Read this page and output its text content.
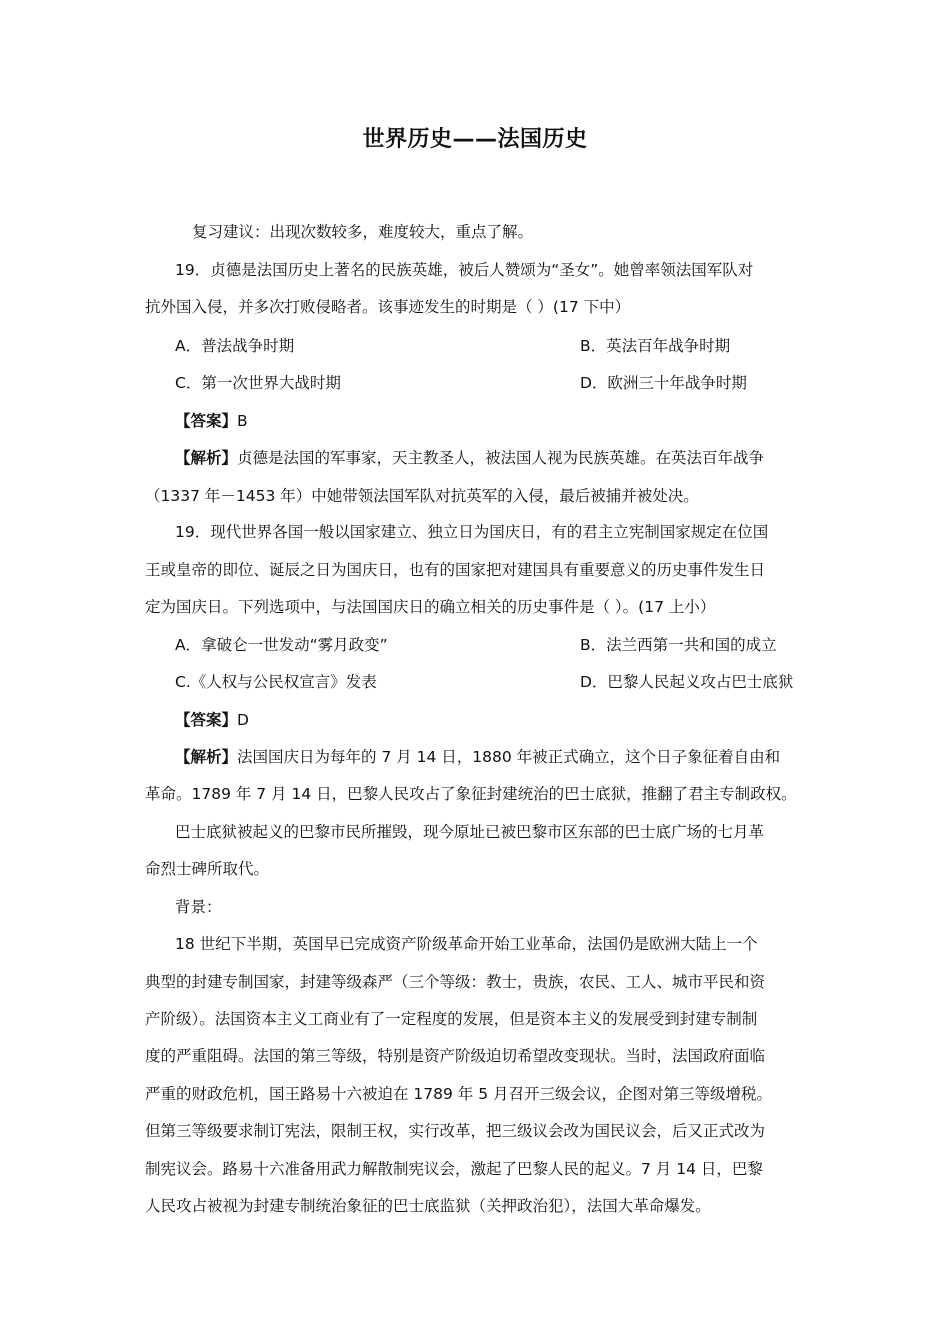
世界历史——法国历史
复习建议：出现次数较多，难度较大，重点了解。
19．贞德是法国历史上著名的民族英雄，被后人赞颂为“圣女”。她曾率领法国军队对
抗外国入侵，并多次打败侵略者。该事迹发生的时期是（ ）(17 下中）
A．普法战争时期	B．英法百年战争时期
C．第一次世界大战时期	D．欧洲三十年战争时期
【答案】B
【解析】贞德是法国的军事家，天主教圣人，被法国人视为民族英雄。在英法百年战争
（1337 年－1453 年）中她带领法国军队对抗英军的入侵，最后被捕并被处决。
19．现代世界各国一般以国家建立、独立日为国庆日，有的君主立宪制国家规定在位国
王或皇帝的即位、诞辰之日为国庆日，也有的国家把对建国具有重要意义的历史事件发生日
定为国庆日。下列选项中，与法国国庆日的确立相关的历史事件是（ ）。(17 上小）
A．拿破仑一世发动“雾月政变”	B．法兰西第一共和国的成立
C.《人权与公民权宣言》发表	D．巴黎人民起义攻占巴士底狱
【答案】D
【解析】法国国庆日为每年的 7 月 14 日，1880 年被正式确立，这个日子象征着自由和
革命。1789 年 7 月 14 日，巴黎人民攻占了象征封建统治的巴士底狱，推翻了君主专制政权。
巴士底狱被起义的巴黎市民所摧毁，现今原址已被巴黎市区东部的巴士底广场的七月革
命烈士碑所取代。
背景：
18 世纪下半期，英国早已完成资产阶级革命开始工业革命，法国仍是欧洲大陆上一个
典型的封建专制国家，封建等级森严（三个等级：教士，贵族，农民、工人、城市平民和资
产阶级）。法国资本主义工商业有了一定程度的发展，但是资本主义的发展受到封建专制制
度的严重阻碍。法国的第三等级，特别是资产阶级迫切希望改变现状。当时，法国政府面临
严重的财政危机，国王路易十六被迫在 1789 年 5 月召开三级会议，企图对第三等级增税。
但第三等级要求制订宪法，限制王权，实行改革，把三级议会改为国民议会，后又正式改为
制宪议会。路易十六准备用武力解散制宪议会，激起了巴黎人民的起义。7 月 14 日，巴黎
人民攻占被视为封建专制统治象征的巴士底监狱（关押政治犯），法国大革命爆发。
